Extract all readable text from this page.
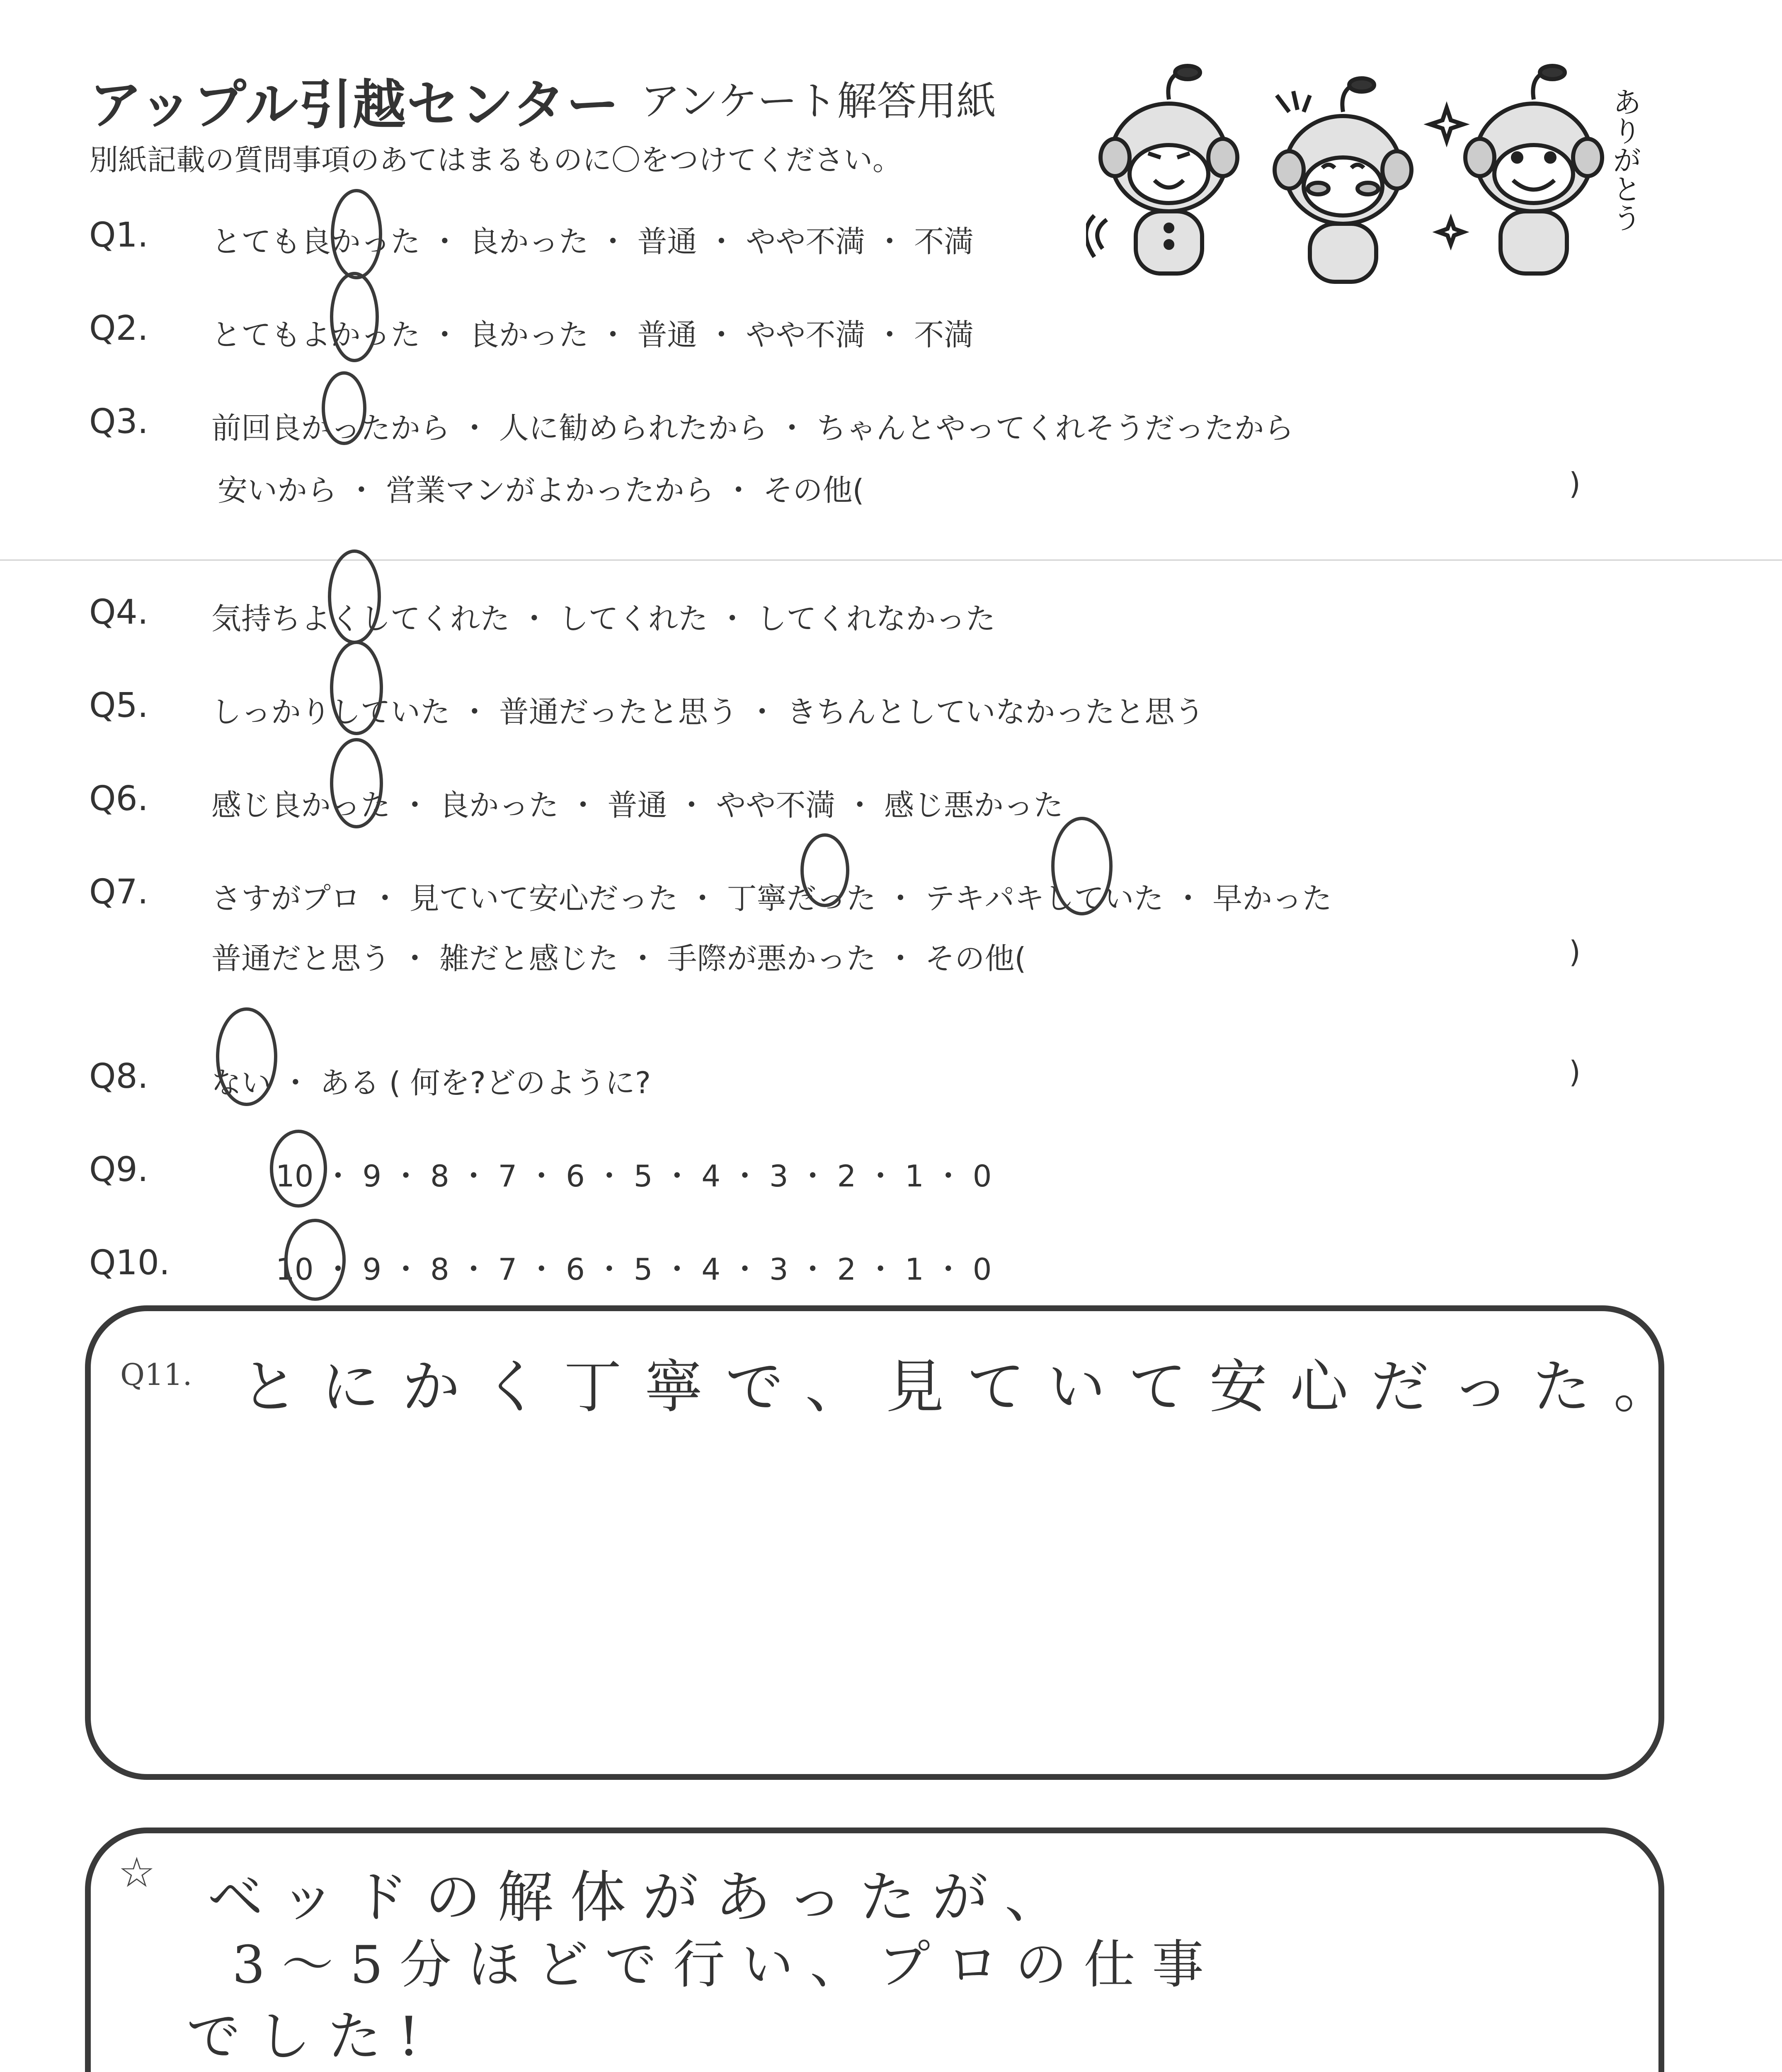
アップル引越センター アンケート解答用紙
別紙記載の質問事項のあてはまるものに〇をつけてください。	ありがとう
Q1. とても良かった ・ 良かった ・ 普通 ・ やや不満 ・ 不満
Q2. とてもよかった ・ 良かった ・ 普通 ・ やや不満 ・ 不満
Q3. 前回良かったから ・ 人に勧められたから ・ ちゃんとやってくれそうだったから
安いから ・ 営業マンがよかったから ・ その他(	)
Q4. 気持ちよくしてくれた ・ してくれた ・ してくれなかった
Q5. しっかりしていた ・ 普通だったと思う ・ きちんとしていなかったと思う
Q6. 感じ良かった ・ 良かった ・ 普通 ・ やや不満 ・ 感じ悪かった
Q7. さすがプロ ・ 見ていて安心だった ・ 丁寧だった ・ テキパキしていた ・ 早かった
普通だと思う ・ 雑だと感じた ・ 手際が悪かった ・ その他(	)
Q8. ない ・ ある ( 何を?どのように?	)
Q9.	10 ・ 9 ・ 8 ・ 7 ・ 6 ・ 5 ・ 4 ・ 3 ・ 2 ・ 1 ・ 0
Q10.	10 ・ 9 ・ 8 ・ 7 ・ 6 ・ 5 ・ 4 ・ 3 ・ 2 ・ 1 ・ 0
Q11. とにかく丁寧で、見ていて安心だった。
☆ ベッドの解体があったが、
3〜5分ほどで行い、プロの仕事
でした!
